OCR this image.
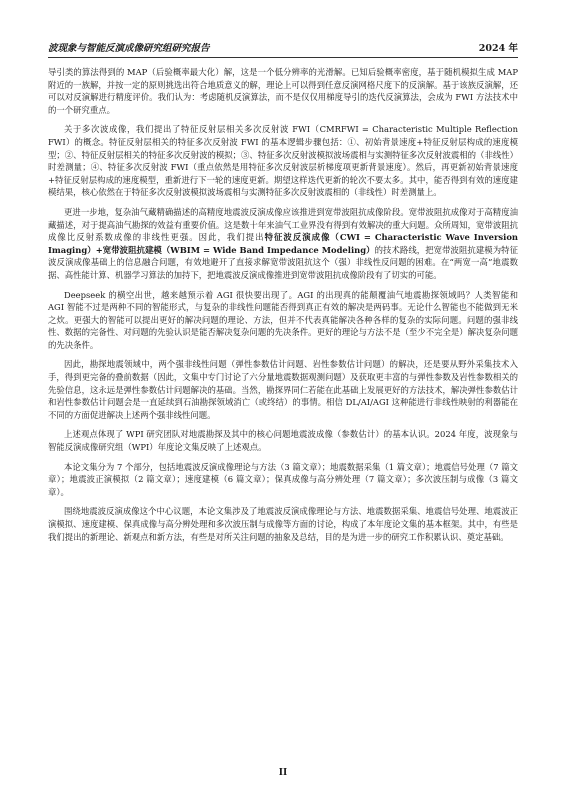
波现象与智能反演成像研究组研究报告	2024 年

导引类的算法得到的 MAP（后验概率最大化）解，这是一个低分辨率的光滑解。已知后验概率密度，基于随机模拟生成 MAP 附近的一族解，并按一定的原则挑选出符合地质意义的解，理论上可以得到任意反演网格尺度下的反演解。基于该族反演解，还可以对反演解进行精度评价。我们认为：考虑随机反演算法，而不是仅仅用梯度导引的迭代反演算法，会成为 FWI 方法技术中的一个研究重点。

关于多次波成像，我们提出了特征反射层相关多次反射波 FWI（CMRFWI = Characteristic Multiple Reflection FWI）的概念。特征反射层相关的特征多次反射波 FWI 的基本逻辑步骤包括：①、初始背景速度+特征反射层构成的速度模型；②、特征反射层相关的特征多次反射波的模拟；③、特征多次反射波模拟波场震相与实测特征多次反射波震相的（非线性）时差测量；④、特征多次反射波 FWI（重点依然是用特征多次反射波层析梯度项更新背景速度）。然后，再更新初始背景速度+特征反射层构成的速度模型，重新进行下一轮的速度更新。期望这样迭代更新的轮次不要太多。其中，能否得到有效的速度建模结果，核心依然在于特征多次反射波模拟波场震相与实测特征多次反射波震相的（非线性）时差测量上。

更进一步地，复杂油气藏精确描述的高精度地震波反演成像应该推进到宽带波阻抗成像阶段。宽带波阻抗成像对于高精度油藏描述，对于提高油气勘探的效益有重要价值。这是数十年来油气工业界没有得到有效解决的重大问题。众所周知，宽带波阻抗成像比反射系数成像的非线性更强。因此，我们提出特征波反演成像（CWI = Characteristic Wave Inversion Imaging）+宽带波阻抗建模（WBIM = Wide Band Impedance Modeling）的技术路线，把宽带波阻抗建模为特征波反演成像基础上的信息融合问题，有效地避开了直接求解宽带波阻抗这个（强）非线性反问题的困难。在“两宽一高”地震数据、高性能计算、机器学习算法的加持下，把地震波反演成像推进到宽带波阻抗成像阶段有了切实的可能。

Deepseek 的横空出世，越来越预示着 AGI 很快要出现了。AGI 的出现真的能颠覆油气地震勘探领域吗？人类智能和 AGI 智能不过是两种不同的智能形式，与复杂的非线性问题能否得到真正有效的解决是两码事。无论什么智能也不能做到无米之炊。更强大的智能可以提出更好的解决问题的理论、方法，但并不代表真能解决各种各样的复杂的实际问题。问题的强非线性、数据的完备性、对问题的先验认识是能否解决复杂问题的先决条件。更好的理论与方法不是（至少不完全是）解决复杂问题的先决条件。

因此，勘探地震领域中，两个强非线性问题（弹性参数估计问题、岩性参数估计问题）的解决，还是要从野外采集技术入手，得到更完备的叠前数据（因此，文集中专门讨论了六分量地震数据观测问题）及获取更丰富的与弹性参数及岩性参数相关的先验信息，这永远是弹性参数估计问题解决的基础。当然，勘探界同仁若能在此基础上发展更好的方法技术，解决弹性参数估计和岩性参数估计问题会是一直延续到石油勘探领域消亡（或终结）的事情。相信 DL/AI/AGI 这种能进行非线性映射的利器能在不同的方面促进解决上述两个强非线性问题。

上述观点体现了 WPI 研究团队对地震勘探及其中的核心问题地震波成像（参数估计）的基本认识。2024 年度，波现象与智能反演成像研究组（WPI）年度论文集反映了上述观点。

本论文集分为 7 个部分，包括地震波反演成像理论与方法（3 篇文章）；地震数据采集（1 篇文章）；地震信号处理（7 篇文章）；地震波正演模拟（2 篇文章）；速度建模（6 篇文章）；保真成像与高分辨处理（7 篇文章）；多次波压制与成像（3 篇文章）。

围绕地震波反演成像这个中心议题，本论文集涉及了地震波反演成像理论与方法、地震数据采集、地震信号处理、地震波正演模拟、速度建模、保真成像与高分辨处理和多次波压制与成像等方面的讨论，构成了本年度论文集的基本框架。其中，有些是我们提出的新理论、新观点和新方法，有些是对所关注问题的抽象及总结，目的是为进一步的研究工作积累认识、奠定基础。

II
